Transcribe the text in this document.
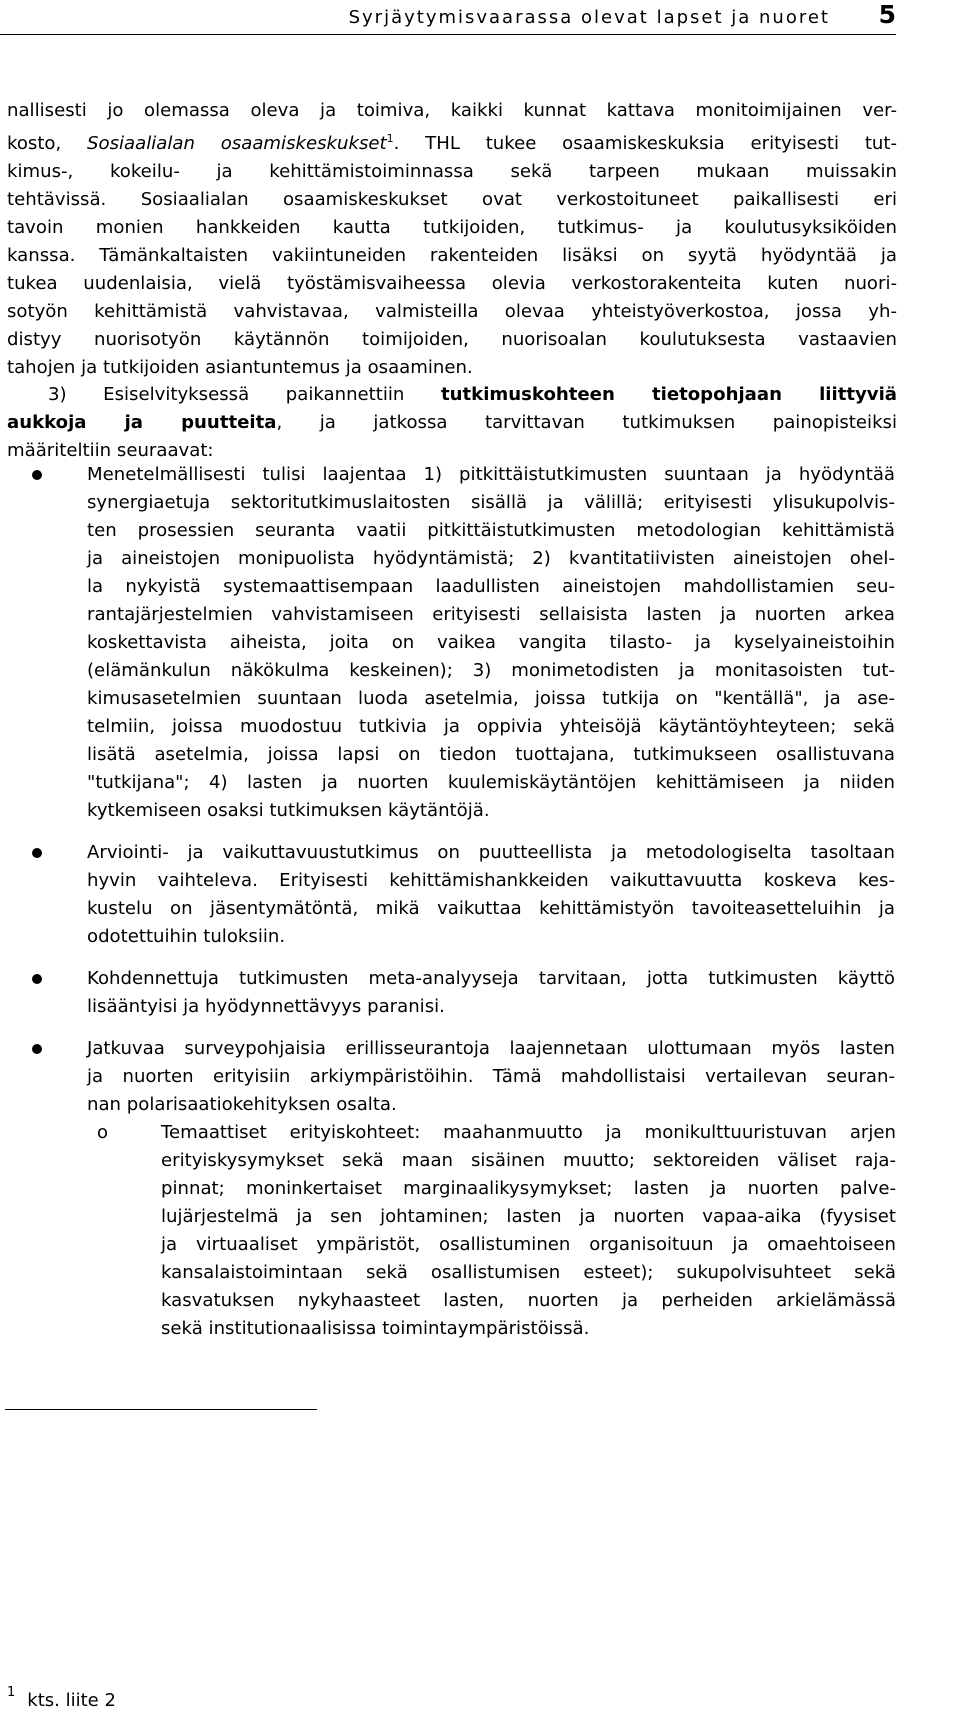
Syrjäytymisvaarassa olevat lapset ja nuoret 5
nallisesti jo olemassa oleva ja toimiva, kaikki kunnat kattava monitoimijainen ver-
kosto, Sosiaalialan osaamiskeskukset$^1$. THL tukee osaamiskeskuksia erityisesti tut-
kimus-, kokeilu- ja kehittämistoiminnassa sekä tarpeen mukaan muissakin
tehtävissä. Sosiaalialan osaamiskeskukset ovat verkostoituneet paikallisesti eri
tavoin monien hankkeiden kautta tutkijoiden, tutkimus- ja koulutusyksiköiden
kanssa. Tämänkaltaisten vakiintuneiden rakenteiden lisäksi on syytä hyödyntää ja
tukea uudenlaisia, vielä työstämisvaiheessa olevia verkostorakenteita kuten nuori-
sotyön kehittämistä vahvistavaa, valmisteilla olevaa yhteistyöverkostoa, jossa yh-
distyy nuorisotyön käytännön toimijoiden, nuorisoalan koulutuksesta vastaavien
tahojen ja tutkijoiden asiantuntemus ja osaaminen.
3) Esiselvityksessä paikannettiin tutkimuskohteen tietopohjaan liittyviä
aukkoja ja puutteita, ja jatkossa tarvittavan tutkimuksen painopisteiksi
määriteltiin seuraavat:
Menetelmällisesti tulisi laajentaa 1) pitkittäistutkimusten suuntaan ja hyödyntää
synergiaetuja sektoritutkimuslaitosten sisällä ja välillä; erityisesti ylisukupolvis-
ten prosessien seuranta vaatii pitkittäistutkimusten metodologian kehittämistä
ja aineistojen monipuolista hyödyntämistä; 2) kvantitatiivisten aineistojen ohel-
la nykyistä systemaattisempaan laadullisten aineistojen mahdollistamien seu-
rantajärjestelmien vahvistamiseen erityisesti sellaisista lasten ja nuorten arkea
koskettavista aiheista, joita on vaikea vangita tilasto- ja kyselyaineistoihin
(elämänkulun näkökulma keskeinen); 3) monimetodisten ja monitasoisten tut-
kimusasetelmien suuntaan luoda asetelmia, joissa tutkija on "kentällä", ja ase-
telmiin, joissa muodostuu tutkivia ja oppivia yhteisöjä käytäntöyhteyteen; sekä
lisätä asetelmia, joissa lapsi on tiedon tuottajana, tutkimukseen osallistuvana
"tutkijana"; 4) lasten ja nuorten kuulemiskäytäntöjen kehittämiseen ja niiden
kytkemiseen osaksi tutkimuksen käytäntöjä.
Arviointi- ja vaikuttavuustutkimus on puutteellista ja metodologiselta tasoltaan
hyvin vaihteleva. Erityisesti kehittämishankkeiden vaikuttavuutta koskeva kes-
kustelu on jäsentymätöntä, mikä vaikuttaa kehittämistyön tavoiteasetteluihin ja
odotettuihin tuloksiin.
Kohdennettuja tutkimusten meta-analyyseja tarvitaan, jotta tutkimusten käyttö
lisääntyisi ja hyödynnettävyys paranisi.
Jatkuvaa surveypohjaisia erillisseurantoja laajennetaan ulottumaan myös lasten
ja nuorten erityisiin arkiympäristöihin. Tämä mahdollistaisi vertailevan seuran-
nan polarisaatiokehityksen osalta.
o	Temaattiset erityiskohteet: maahanmuutto ja monikulttuuristuvan arjen
erityiskysymykset sekä maan sisäinen muutto; sektoreiden väliset raja-
pinnat; moninkertaiset marginaalikysymykset; lasten ja nuorten palve-
lujärjestelmä ja sen johtaminen; lasten ja nuorten vapaa-aika (fyysiset
ja virtuaaliset ympäristöt, osallistuminen organisoituun ja omaehtoiseen
kansalaistoimintaan sekä osallistumisen esteet); sukupolvisuhteet sekä
kasvatuksen nykyhaasteet lasten, nuorten ja perheiden arkielämässä
sekä institutionaalisissa toimintaympäristöissä.
$^1$ kts. liite 2
